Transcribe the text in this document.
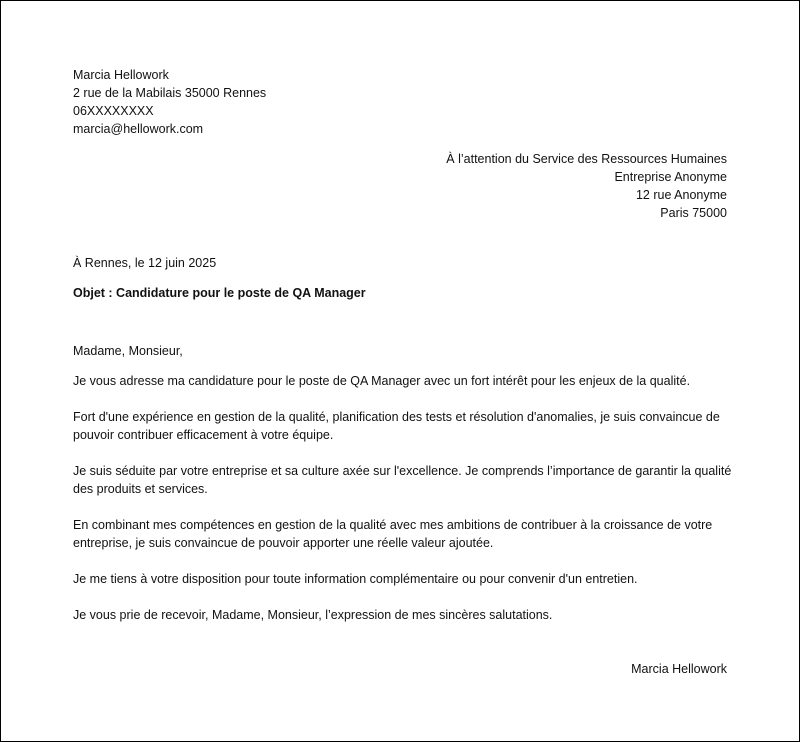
Marcia Hellowork
2 rue de la Mabilais 35000 Rennes
06XXXXXXXX
marcia@hellowork.com
À l’attention du Service des Ressources Humaines
Entreprise Anonyme
12 rue Anonyme
Paris 75000
À Rennes, le 12 juin 2025
Objet : Candidature pour le poste de QA Manager

Madame, Monsieur,

Je vous adresse ma candidature pour le poste de QA Manager avec un fort intérêt pour les enjeux de la qualité.

Fort d'une expérience en gestion de la qualité, planification des tests et résolution d'anomalies, je suis convaincue de pouvoir contribuer efficacement à votre équipe.

Je suis séduite par votre entreprise et sa culture axée sur l'excellence. Je comprends l’importance de garantir la qualité des produits et services.

En combinant mes compétences en gestion de la qualité avec mes ambitions de contribuer à la croissance de votre entreprise, je suis convaincue de pouvoir apporter une réelle valeur ajoutée.

Je me tiens à votre disposition pour toute information complémentaire ou pour convenir d'un entretien.

Je vous prie de recevoir, Madame, Monsieur, l’expression de mes sincères salutations.

Marcia Hellowork
